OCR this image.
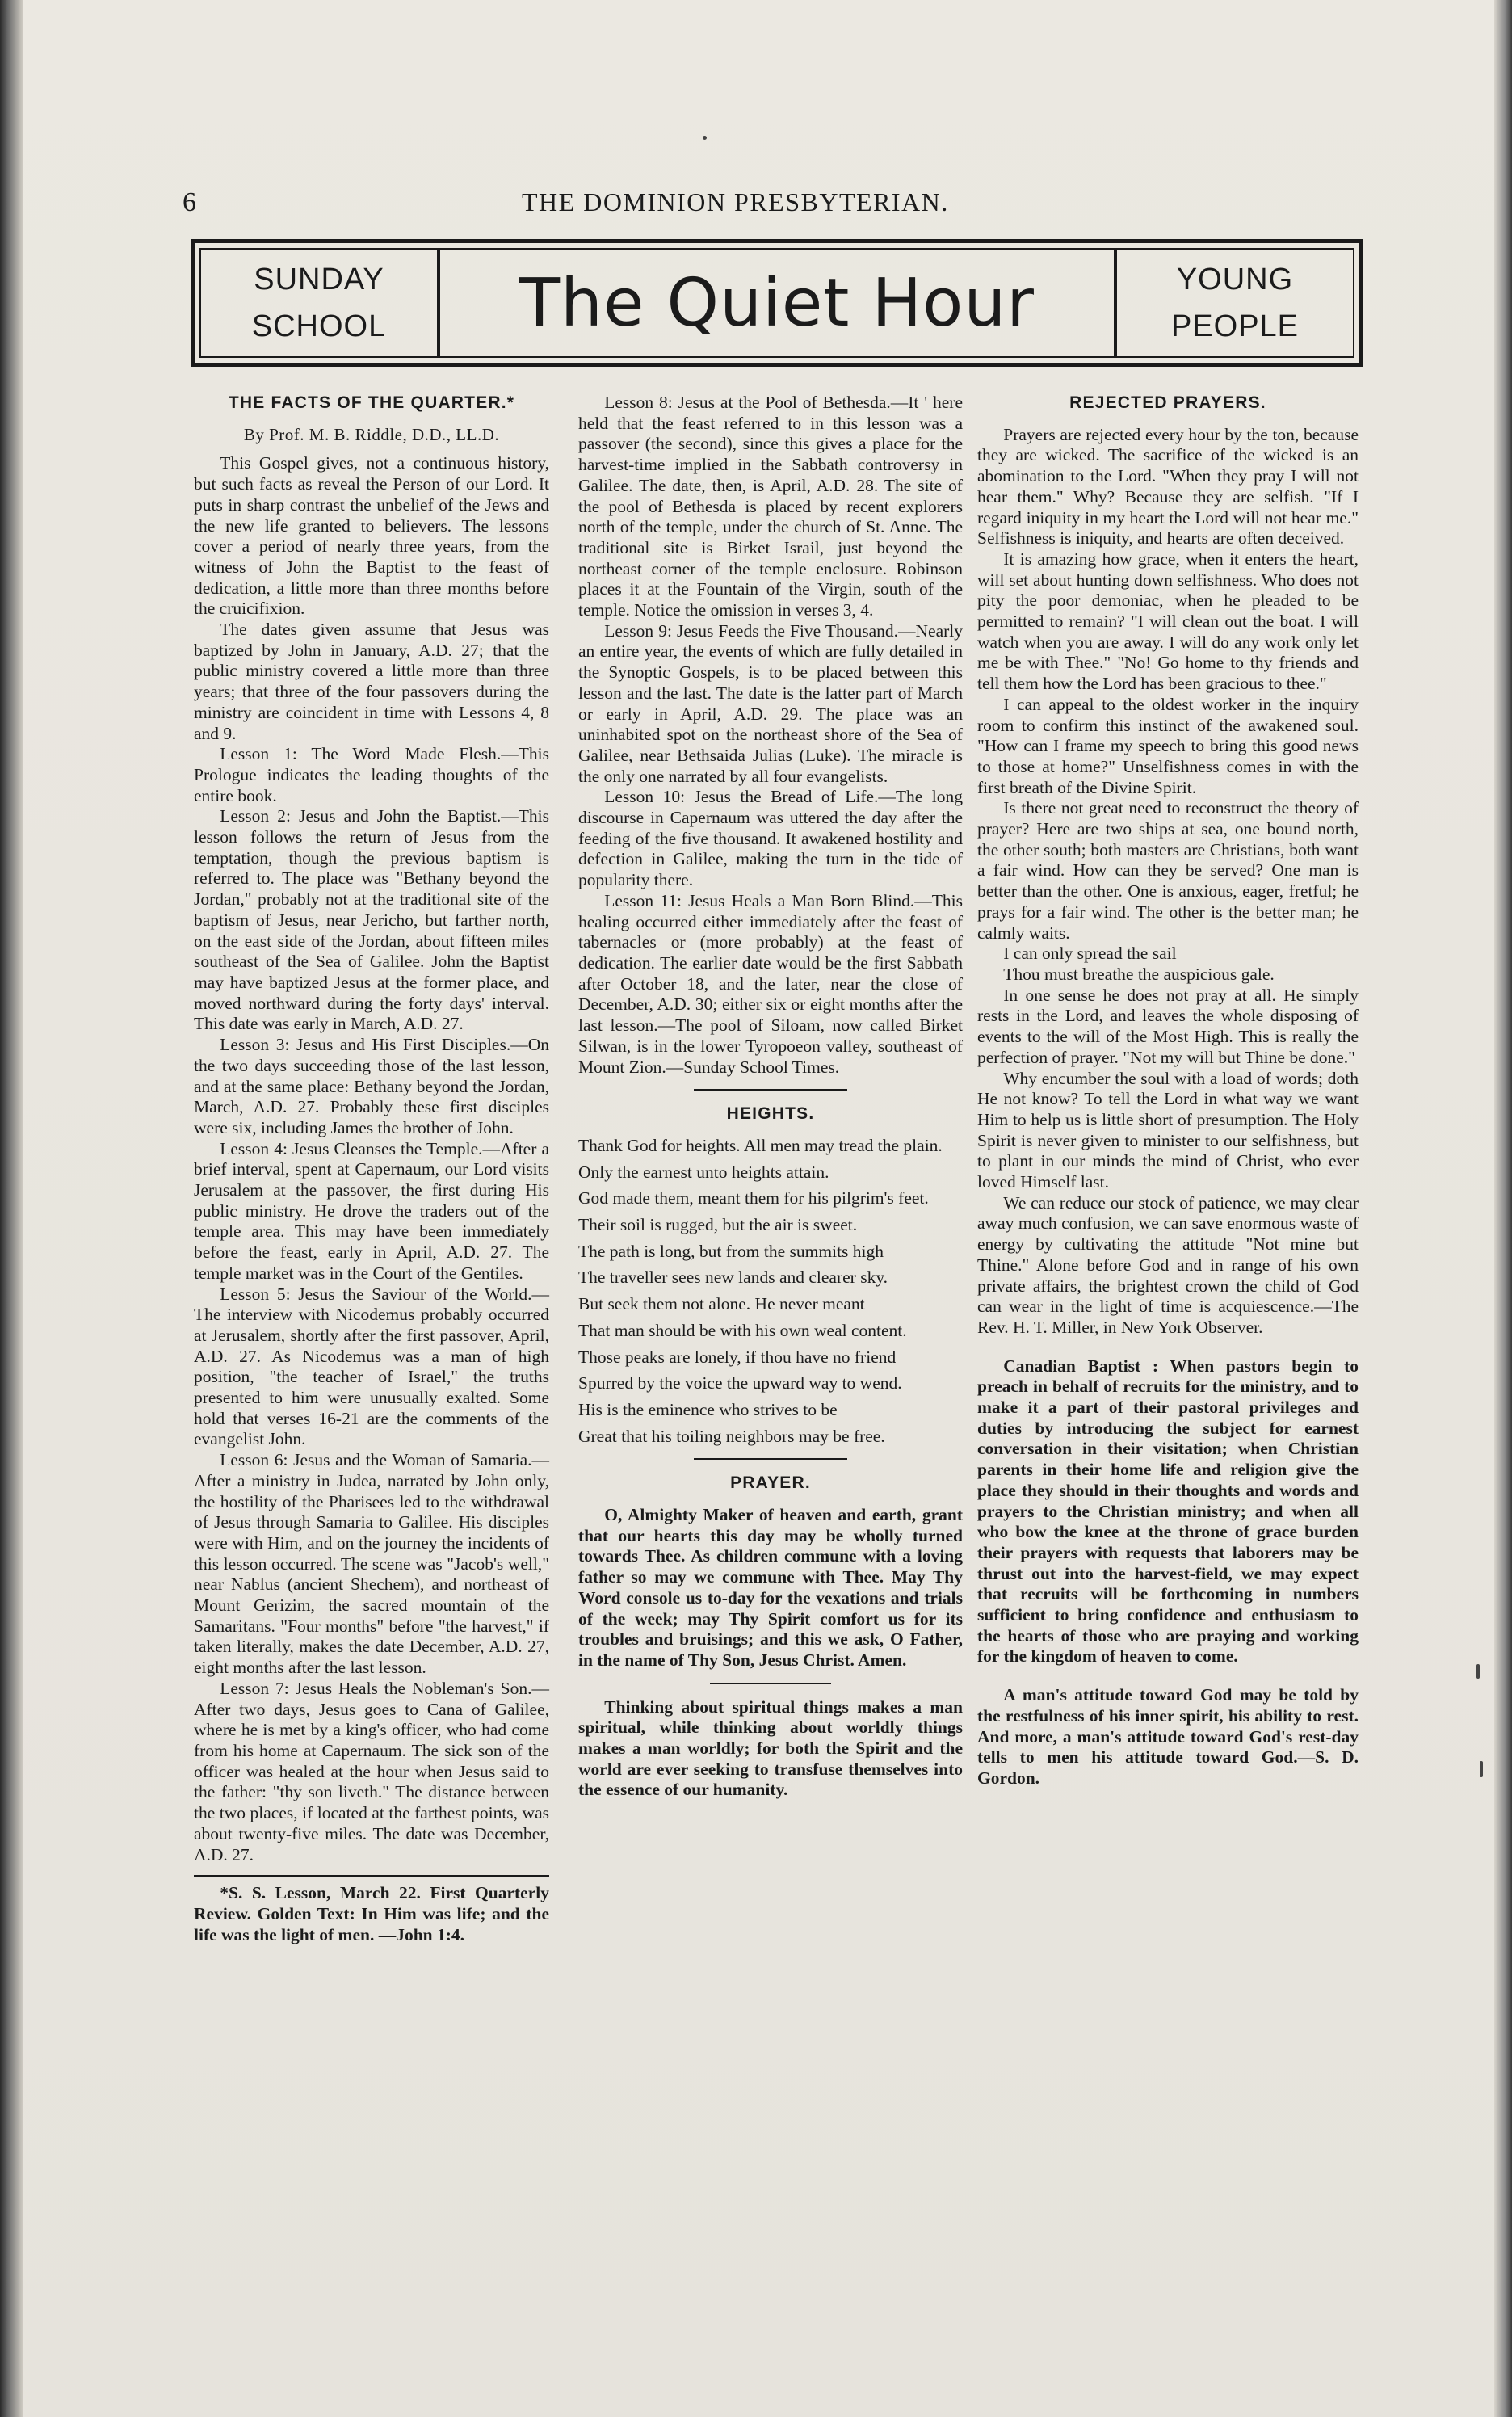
6	THE DOMINION PRESBYTERIAN.
SUNDAY
SCHOOL	The Quiet Hour	YOUNG
PEOPLE
THE FACTS OF THE QUARTER.*
By Prof. M. B. Riddle, D.D., LL.D.

This Gospel gives, not a continuous history, but such facts as reveal the Person of our Lord. It puts in sharp contrast the unbelief of the Jews and the new life granted to believers. The lessons cover a period of nearly three years, from the witness of John the Baptist to the feast of dedication, a little more than three months before the cruicifixion.

The dates given assume that Jesus was baptized by John in January, A.D. 27; that the public ministry covered a little more than three years; that three of the four passovers during the ministry are coincident in time with Lessons 4, 8 and 9.

Lesson 1: The Word Made Flesh.—This Prologue indicates the leading thoughts of the entire book.

Lesson 2: Jesus and John the Baptist.—This lesson follows the return of Jesus from the temptation, though the previous baptism is referred to. The place was "Bethany beyond the Jordan," probably not at the traditional site of the baptism of Jesus, near Jericho, but farther north, on the east side of the Jordan, about fifteen miles southeast of the Sea of Galilee. John the Baptist may have baptized Jesus at the former place, and moved northward during the forty days' interval. This date was early in March, A.D. 27.

Lesson 3: Jesus and His First Disciples.—On the two days succeeding those of the last lesson, and at the same place: Bethany beyond the Jordan, March, A.D. 27. Probably these first disciples were six, including James the brother of John.

Lesson 4: Jesus Cleanses the Temple.—After a brief interval, spent at Capernaum, our Lord visits Jerusalem at the passover, the first during His public ministry. He drove the traders out of the temple area. This may have been immediately before the feast, early in April, A.D. 27. The temple market was in the Court of the Gentiles.

Lesson 5: Jesus the Saviour of the World.—The interview with Nicodemus probably occurred at Jerusalem, shortly after the first passover, April, A.D. 27. As Nicodemus was a man of high position, "the teacher of Israel," the truths presented to him were unusually exalted. Some hold that verses 16-21 are the comments of the evangelist John.

Lesson 6: Jesus and the Woman of Samaria.—After a ministry in Judea, narrated by John only, the hostility of the Pharisees led to the withdrawal of Jesus through Samaria to Galilee. His disciples were with Him, and on the journey the incidents of this lesson occurred. The scene was "Jacob's well," near Nablus (ancient Shechem), and northeast of Mount Gerizim, the sacred mountain of the Samaritans. "Four months" before "the harvest," if taken literally, makes the date December, A.D. 27, eight months after the last lesson.

Lesson 7: Jesus Heals the Nobleman's Son.—After two days, Jesus goes to Cana of Galilee, where he is met by a king's officer, who had come from his home at Capernaum. The sick son of the officer was healed at the hour when Jesus said to the father: "thy son liveth." The distance between the two places, if located at the farthest points, was about twenty-five miles. The date was December, A.D. 27.

*S. S. Lesson, March 22. First Quarterly Review. Golden Text: In Him was life; and the life was the light of men. —John 1:4.

Lesson 8: Jesus at the Pool of Bethesda.—It ' here held that the feast referred to in this lesson was a passover (the second), since this gives a place for the harvest-time implied in the Sabbath controversy in Galilee. The date, then, is April, A.D. 28. The site of the pool of Bethesda is placed by recent explorers north of the temple, under the church of St. Anne. The traditional site is Birket Israil, just beyond the northeast corner of the temple enclosure. Robinson places it at the Fountain of the Virgin, south of the temple. Notice the omission in verses 3, 4.

Lesson 9: Jesus Feeds the Five Thousand.—Nearly an entire year, the events of which are fully detailed in the Synoptic Gospels, is to be placed between this lesson and the last. The date is the latter part of March or early in April, A.D. 29. The place was an uninhabited spot on the northeast shore of the Sea of Galilee, near Bethsaida Julias (Luke). The miracle is the only one narrated by all four evangelists.

Lesson 10: Jesus the Bread of Life.—The long discourse in Capernaum was uttered the day after the feeding of the five thousand. It awakened hostility and defection in Galilee, making the turn in the tide of popularity there.

Lesson 11: Jesus Heals a Man Born Blind.—This healing occurred either immediately after the feast of tabernacles or (more probably) at the feast of dedication. The earlier date would be the first Sabbath after October 18, and the later, near the close of December, A.D. 30; either six or eight months after the last lesson.—The pool of Siloam, now called Birket Silwan, is in the lower Tyropoeon valley, southeast of Mount Zion.—Sunday School Times.

HEIGHTS.

Thank God for heights. All men may tread the plain.

Only the earnest unto heights attain.

God made them, meant them for his pilgrim's feet.

Their soil is rugged, but the air is sweet.

The path is long, but from the summits high

The traveller sees new lands and clearer sky.

But seek them not alone. He never meant

That man should be with his own weal content.

Those peaks are lonely, if thou have no friend

Spurred by the voice the upward way to wend.

His is the eminence who strives to be

Great that his toiling neighbors may be free.

PRAYER.

O, Almighty Maker of heaven and earth, grant that our hearts this day may be wholly turned towards Thee. As children commune with a loving father so may we commune with Thee. May Thy Word console us to-day for the vexations and trials of the week; may Thy Spirit comfort us for its troubles and bruisings; and this we ask, O Father, in the name of Thy Son, Jesus Christ. Amen.

Thinking about spiritual things makes a man spiritual, while thinking about worldly things makes a man worldly; for both the Spirit and the world are ever seeking to transfuse themselves into the essence of our humanity.

REJECTED PRAYERS.

Prayers are rejected every hour by the ton, because they are wicked. The sacrifice of the wicked is an abomination to the Lord. "When they pray I will not hear them." Why? Because they are selfish. "If I regard iniquity in my heart the Lord will not hear me." Selfishness is iniquity, and hearts are often deceived.

It is amazing how grace, when it enters the heart, will set about hunting down selfishness. Who does not pity the poor demoniac, when he pleaded to be permitted to remain? "I will clean out the boat. I will watch when you are away. I will do any work only let me be with Thee." "No! Go home to thy friends and tell them how the Lord has been gracious to thee."

I can appeal to the oldest worker in the inquiry room to confirm this instinct of the awakened soul. "How can I frame my speech to bring this good news to those at home?" Unselfishness comes in with the first breath of the Divine Spirit.

Is there not great need to reconstruct the theory of prayer? Here are two ships at sea, one bound north, the other south; both masters are Christians, both want a fair wind. How can they be served? One man is better than the other. One is anxious, eager, fretful; he prays for a fair wind. The other is the better man; he calmly waits.

I can only spread the sail

Thou must breathe the auspicious gale.

In one sense he does not pray at all. He simply rests in the Lord, and leaves the whole disposing of events to the will of the Most High. This is really the perfection of prayer. "Not my will but Thine be done."

Why encumber the soul with a load of words; doth He not know? To tell the Lord in what way we want Him to help us is little short of presumption. The Holy Spirit is never given to minister to our selfishness, but to plant in our minds the mind of Christ, who ever loved Himself last.

We can reduce our stock of patience, we may clear away much confusion, we can save enormous waste of energy by cultivating the attitude "Not mine but Thine." Alone before God and in range of his own private affairs, the brightest crown the child of God can wear in the light of time is acquiescence.—The Rev. H. T. Miller, in New York Observer.

Canadian Baptist : When pastors begin to preach in behalf of recruits for the ministry, and to make it a part of their pastoral privileges and duties by introducing the subject for earnest conversation in their visitation; when Christian parents in their home life and religion give the place they should in their thoughts and words and prayers to the Christian ministry; and when all who bow the knee at the throne of grace burden their prayers with requests that laborers may be thrust out into the harvest-field, we may expect that recruits will be forthcoming in numbers sufficient to bring confidence and enthusiasm to the hearts of those who are praying and working for the kingdom of heaven to come.

A man's attitude toward God may be told by the restfulness of his inner spirit, his ability to rest. And more, a man's attitude toward God's rest-day tells to men his attitude toward God.—S. D. Gordon.
